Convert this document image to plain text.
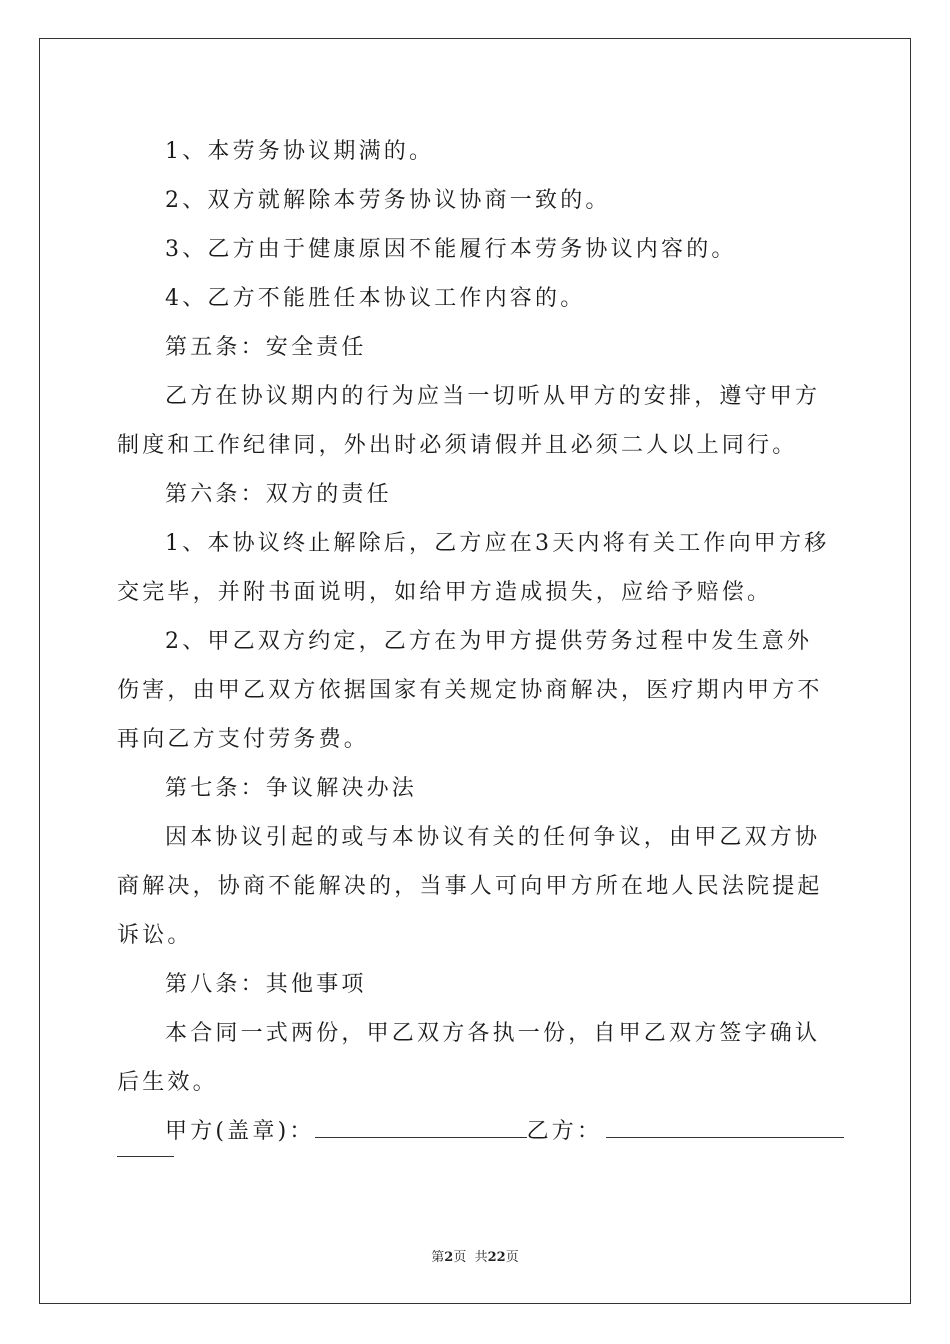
1、本劳务协议期满的。

2、双方就解除本劳务协议协商一致的。

3、乙方由于健康原因不能履行本劳务协议内容的。

4、乙方不能胜任本协议工作内容的。

第五条：安全责任

乙方在协议期内的行为应当一切听从甲方的安排，遵守甲方制度和工作纪律同，外出时必须请假并且必须二人以上同行。

第六条：双方的责任

1、本协议终止解除后，乙方应在3天内将有关工作向甲方移交完毕，并附书面说明，如给甲方造成损失，应给予赔偿。

2、甲乙双方约定，乙方在为甲方提供劳务过程中发生意外伤害，由甲乙双方依据国家有关规定协商解决，医疗期内甲方不再向乙方支付劳务费。

第七条：争议解决办法

因本协议引起的或与本协议有关的任何争议，由甲乙双方协商解决，协商不能解决的，当事人可向甲方所在地人民法院提起诉讼。

第八条：其他事项

本合同一式两份，甲乙双方各执一份，自甲乙双方签字确认后生效。

甲方(盖章)：	乙方：

第2页  共22页
